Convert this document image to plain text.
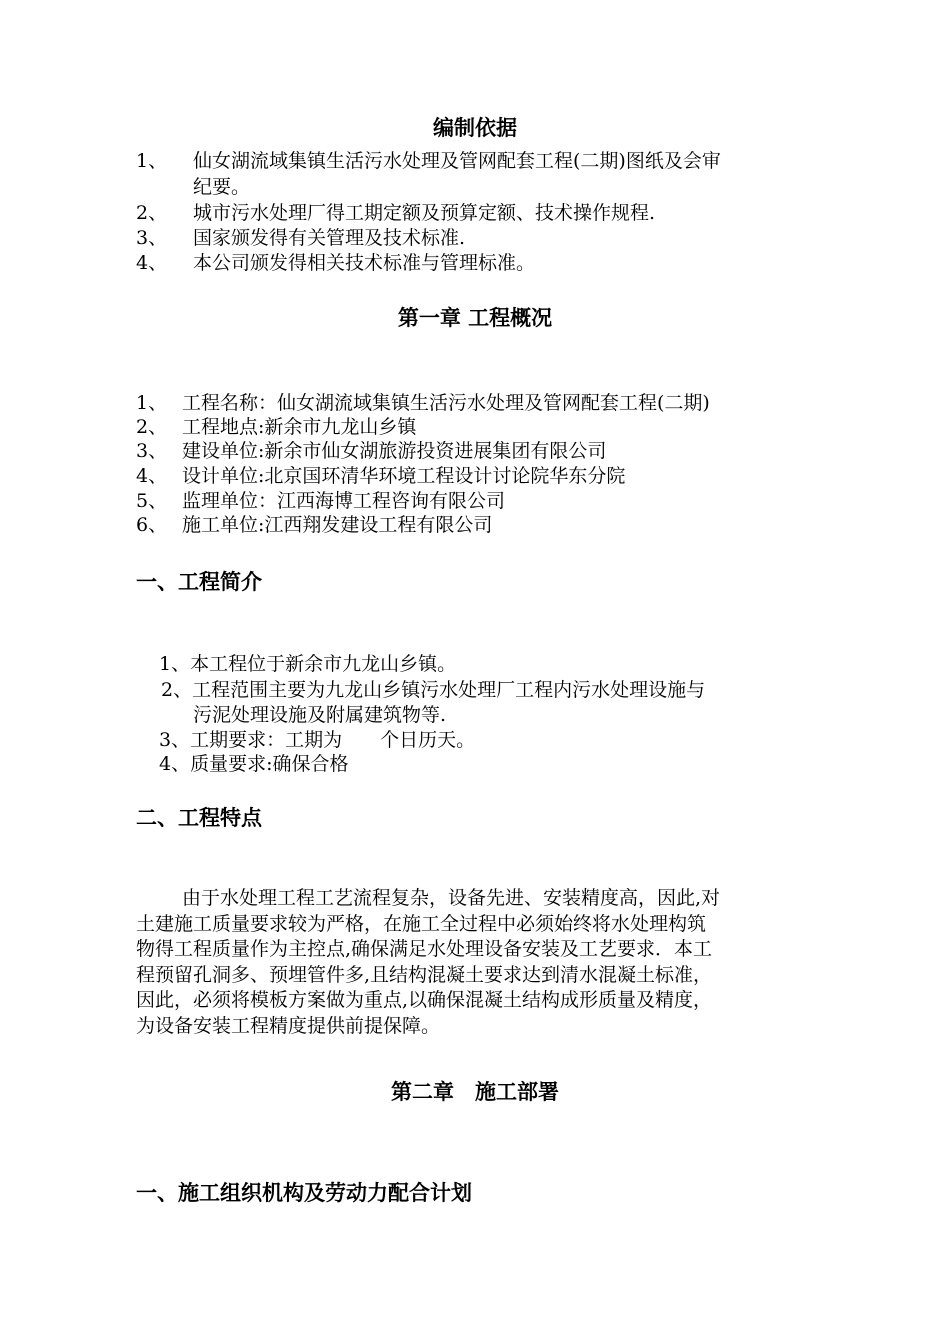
编制依据
1、 仙女湖流域集镇生活污水处理及管网配套工程(二期)图纸及会审
纪要。
2、 城市污水处理厂得工期定额及预算定额、技术操作规程.
3、 国家颁发得有关管理及技术标准.
4、 本公司颁发得相关技术标准与管理标准。
第一章 工程概况
1、 工程名称：仙女湖流域集镇生活污水处理及管网配套工程(二期)
2、 工程地点:新余市九龙山乡镇
3、 建设单位:新余市仙女湖旅游投资进展集团有限公司
4、 设计单位:北京国环清华环境工程设计讨论院华东分院
5、 监理单位：江西海博工程咨询有限公司
6、 施工单位:江西翔发建设工程有限公司
一、工程简介
1、本工程位于新余市九龙山乡镇。
2、工程范围主要为九龙山乡镇污水处理厂工程内污水处理设施与
污泥处理设施及附属建筑物等.
3、工期要求：工期为　　个日历天。
4、质量要求:确保合格
二、工程特点
由于水处理工程工艺流程复杂，设备先进、安装精度高，因此,对
土建施工质量要求较为严格，在施工全过程中必须始终将水处理构筑
物得工程质量作为主控点,确保满足水处理设备安装及工艺要求．本工
程预留孔洞多、预埋管件多,且结构混凝土要求达到清水混凝土标准，
因此，必须将模板方案做为重点,以确保混凝土结构成形质量及精度，
为设备安装工程精度提供前提保障。
第二章　施工部署
一、施工组织机构及劳动力配合计划
